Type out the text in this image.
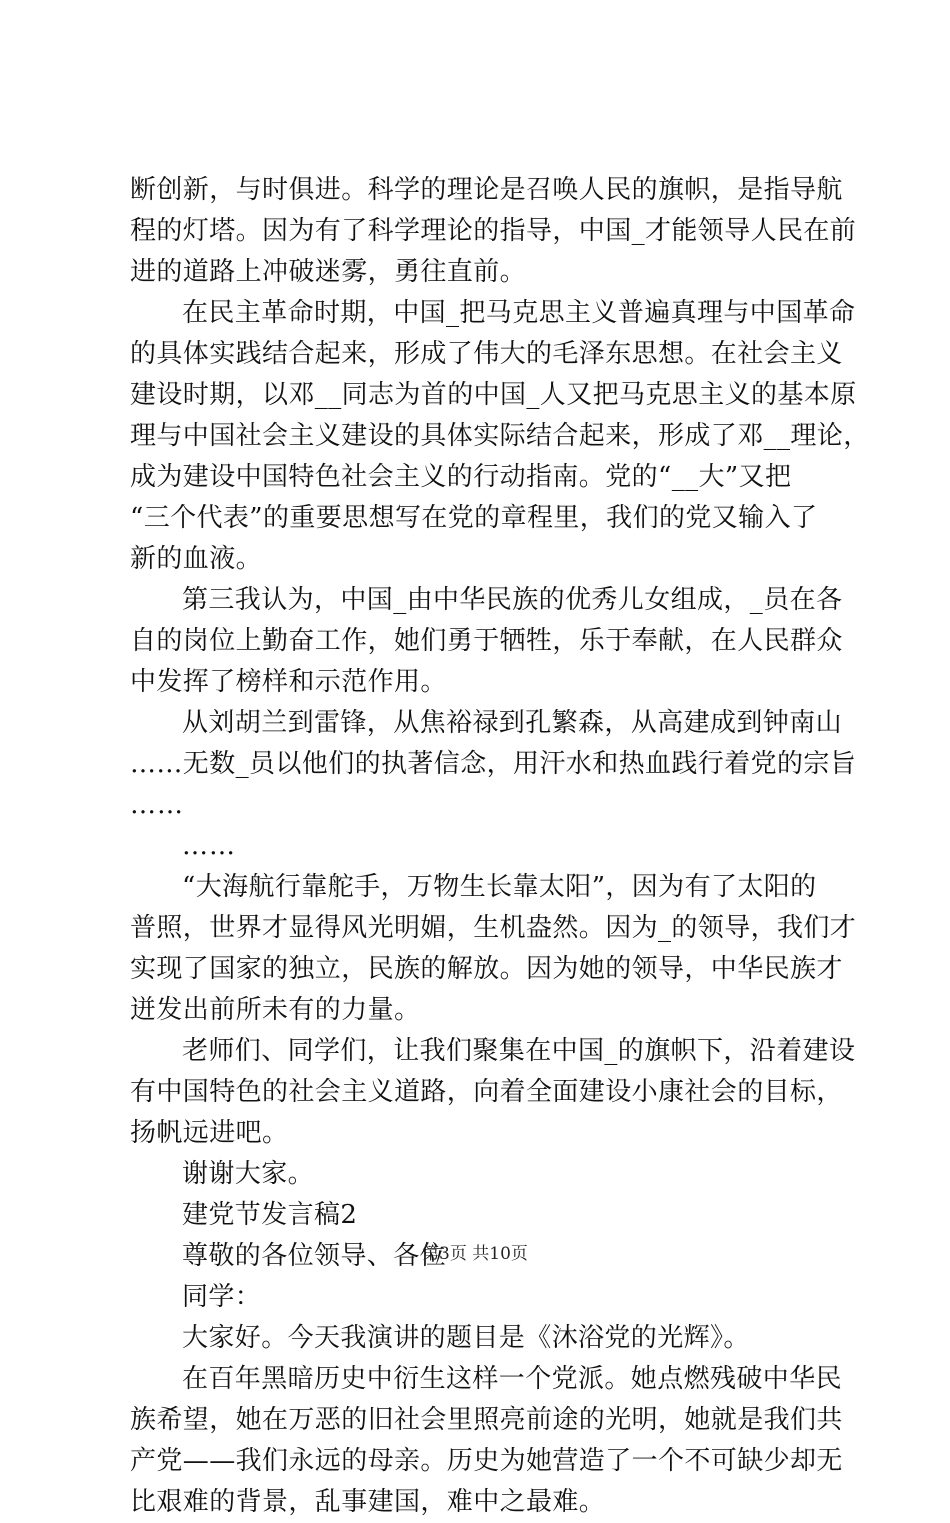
断创新，与时俱进。科学的理论是召唤人民的旗帜，是指导航
程的灯塔。因为有了科学理论的指导，中国_才能领导人民在前
进的道路上冲破迷雾，勇往直前。
在民主革命时期，中国_把马克思主义普遍真理与中国革命
的具体实践结合起来，形成了伟大的毛泽东思想。在社会主义
建设时期，以邓__同志为首的中国_人又把马克思主义的基本原
理与中国社会主义建设的具体实际结合起来，形成了邓__理论，
成为建设中国特色社会主义的行动指南。党的“__大”又把
“三个代表”的重要思想写在党的章程里，我们的党又输入了
新的血液。
第三我认为，中国_由中华民族的优秀儿女组成，_员在各
自的岗位上勤奋工作，她们勇于牺牲，乐于奉献，在人民群众
中发挥了榜样和示范作用。
从刘胡兰到雷锋，从焦裕禄到孔繁森，从高建成到钟南山
……无数_员以他们的执著信念，用汗水和热血践行着党的宗旨
……
……
“大海航行靠舵手，万物生长靠太阳”，因为有了太阳的
普照，世界才显得风光明媚，生机盎然。因为_的领导，我们才
实现了国家的独立，民族的解放。因为她的领导，中华民族才
迸发出前所未有的力量。
老师们、同学们，让我们聚集在中国_的旗帜下，沿着建设
有中国特色的社会主义道路，向着全面建设小康社会的目标，
扬帆远进吧。
谢谢大家。
建党节发言稿2
尊敬的各位领导、各位
同学：
大家好。今天我演讲的题目是《沐浴党的光辉》。
在百年黑暗历史中衍生这样一个党派。她点燃残破中华民
族希望，她在万恶的旧社会里照亮前途的光明，她就是我们共
产党——我们永远的母亲。历史为她营造了一个不可缺少却无
比艰难的背景，乱事建国，难中之最难。
第3页 共10页
